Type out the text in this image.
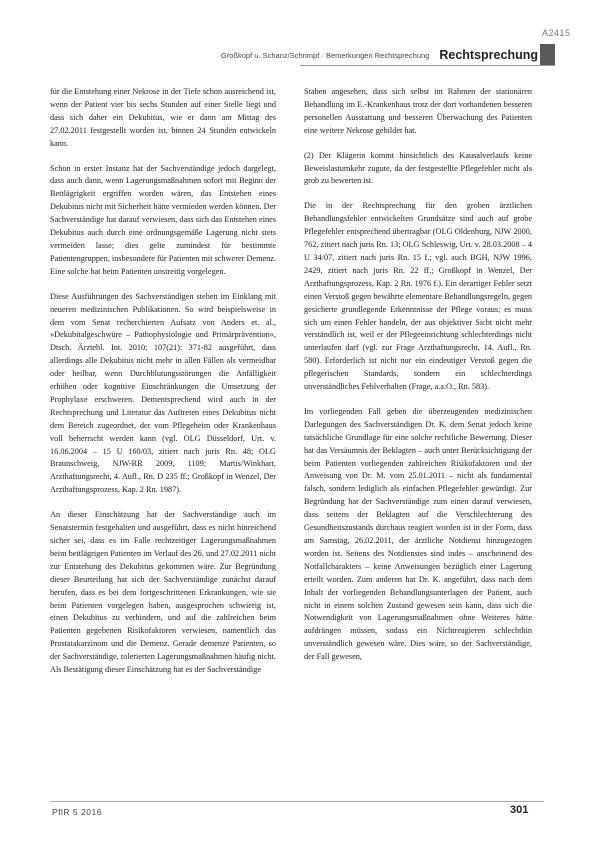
A2415
Großkopf u. Schanz/Schrimpf · Bemerkungen Rechtsprechung Rechtsprechung

für die Entstehung einer Nekrose in der Tiefe schon ausreichend ist, wenn der Patient vier bis sechs Stunden auf einer Stelle liegt und dass sich daher ein Dekubitus, wie er dann am Mittag des 27.02.2011 festgestellt worden ist, binnen 24 Stunden entwickeln kann.

Schon in erster Instanz hat der Sachverständige jedoch dargelegt, dass auch dann, wenn Lagerungsmaßnahmen sofort mit Beginn der Bettlägrigkeit ergriffen worden wären, das Entstehen eines Dekubitus nicht mit Sicherheit hätte vermieden werden können. Der Sachverständige hat darauf verwiesen, dass sich das Entstehen eines Dekubitus auch durch eine ordnungsgemäße Lagerung nicht stets vermeiden lasse; dies gelte zumindest für bestimmte Patientengruppen, insbesondere für Patienten mit schwerer Demenz. Eine solche hat beim Patienten unstreitig vorgelegen.

Diese Ausführungen des Sachverständigen stehen im Einklang mit neueren medizinischen Publikationen. So wird beispielsweise in dem vom Senat recherchierten Aufsatz von Anders et. al., »Dekubitalgeschwüre – Pathophysiologie und Primärprävention«, Dtsch. Ärztebl. Int. 2010; 107(21): 371-82 ausgeführt, dass allerdings alle Dekubitus nicht mehr in allen Fällen als vermeidbar oder heilbar, wenn Durchblutungsstörungen die Anfälligkeit erhöhen oder kognitive Einschränkungen die Umsetzung der Prophylaxe erschweren. Dementsprechend wird auch in der Rechtsprechung und Literatur das Auftreten eines Dekubitus nicht dem Bereich zugeordnet, der vom Pflegeheim oder Krankenhaus voll beherrscht werden kann (vgl. OLG Düsseldorf, Urt. v. 16.06.2004 – 15 U 160/03, zitiert nach juris Rn. 48; OLG Braunschweig, NJW-RR 2009, 1109; Martis/Winkhart, Arzthaftungsrecht, 4. Aufl., Rn. D 235 ff.; Großkopf in Wenzel, Der Arzthaftungsprozess, Kap. 2 Rn. 1987).

An dieser Einschätzung hat der Sachverständige auch im Senatstermin festgehalten und ausgeführt, dass es nicht hinreichend sicher sei, dass es im Falle rechtzeitiger Lagerungsmaßnahmen beim bettlägrigen Patienten im Verlauf des 26. und 27.02.2011 nicht zur Entstehung des Dekubitus gekommen wäre. Zur Begründung dieser Beurteilung hat sich der Sachverständige zunächst darauf berufen, dass es bei dem fortgeschrittenen Erkrankungen, wie sie beim Patienten vorgelegen haben, ausgesprochen schwierig ist, einen Dekubitus zu verhindern, und auf die zahlreichen beim Patienten gegebenen Risikofaktoren verwiesen, namentlich das Prostatakarzinom und die Demenz. Gerade demenze Patienten, so der Sachverständige, tolerierten Lagerungsmaßnahmen häufig nicht. Als Bestätigung dieser Einschätzung hat es der Sachverständige

Staben angesehen, dass sich selbst im Rahmen der stationären Behandlung im E.-Krankenhaus trotz der dort vorhandenen besseren personellen Ausstattung und besseren Überwachung des Patienten eine weitere Nekrose gebildet hat.

(2) Der Klägerin kommt hinsichtlich des Kausalverlaufs keine Beweislastumkehr zugute, da der festgestellte Pflegefehler nicht als grob zu bewerten ist.

Die in der Rechtsprechung für den groben ärztlichen Behandlungsfehler entwickelten Grundsätze sind auch auf grobe Pflegefehler entsprechend übertragbar (OLG Oldenburg, NJW 2000, 762, zitiert nach juris Rn. 13; OLG Schleswig, Urt. v. 28.03.2008 – 4 U 34/07, zitiert nach juris Rn. 15 f.; vgl. auch BGH, NJW 1996, 2429, zitiert nach juris Rn. 22 ff.; Großkopf in Wenzel, Der Arzthaftungsprozess, Kap. 2 Rn. 1976 f.). Ein derartiger Fehler setzt einen Verstoß gegen bewährte elementare Behandlungsregeln, gegen gesicherte grundlegende Erkenntnisse der Pflege voraus; es muss sich um einen Fehler handeln, der aus objektiver Sicht nicht mehr verständlich ist, weil er der Pflegeeinrichtung schlechterdings nicht unterlaufen darf (vgl. zur Frage Arzthaftungsrecht, 14. Aufl., Rn. 580). Erforderlich ist nicht nur ein eindeutiger Verstoß gegen die pflegerischen Standards, sondern ein schlechterdings unverständliches Fehlverhalten (Frage, a.a.O., Rn. 583).

Im vorliegenden Fall geben die überzeugenden medizinischen Darlegungen des Sachverständigen Dr. K. dem Senat jedoch keine tatsächliche Grundlage für eine solche rechtliche Bewertung. Dieser hat das Versäumnis der Beklagten – auch unter Berücksichtigung der beim Patienten vorliegenden zahlreichen Risikofaktoren und der Anweisung von Dr. M. vom 25.01.2011 – nicht als fundamental falsch, sondern lediglich als einfachen Pflegefehler gewürdigt. Zur Begründung hat der Sachverständige zum einen darauf verwiesen, dass seitens der Beklagten auf die Verschlechterung des Gesundheitszustands durchaus reagiert worden ist in der Form, dass am Samstag, 26.02.2011, der ärztliche Notdienst hinzugezogen worden ist. Seitens des Notdienstes sind indes – anscheinend des Notfallcharakters – keine Anweisungen bezüglich einer Lagerung erteilt worden. Zum anderen hat Dr. K. angeführt, dass nach dem Inhalt der vorliegenden Behandlungsunterlagen der Patient, auch nicht in einem solchen Zustand gewesen sein kann, dass sich die Notwendigkeit von Lagerungsmaßnahmen ohne Weiteres hätte aufdrängen müssen, sodass ein Nichtreagieren schlechthin unverständlich gewesen wäre. Dies wäre, so der Sachverständige, der Fall gewesen,

PflR 5 2016	301
